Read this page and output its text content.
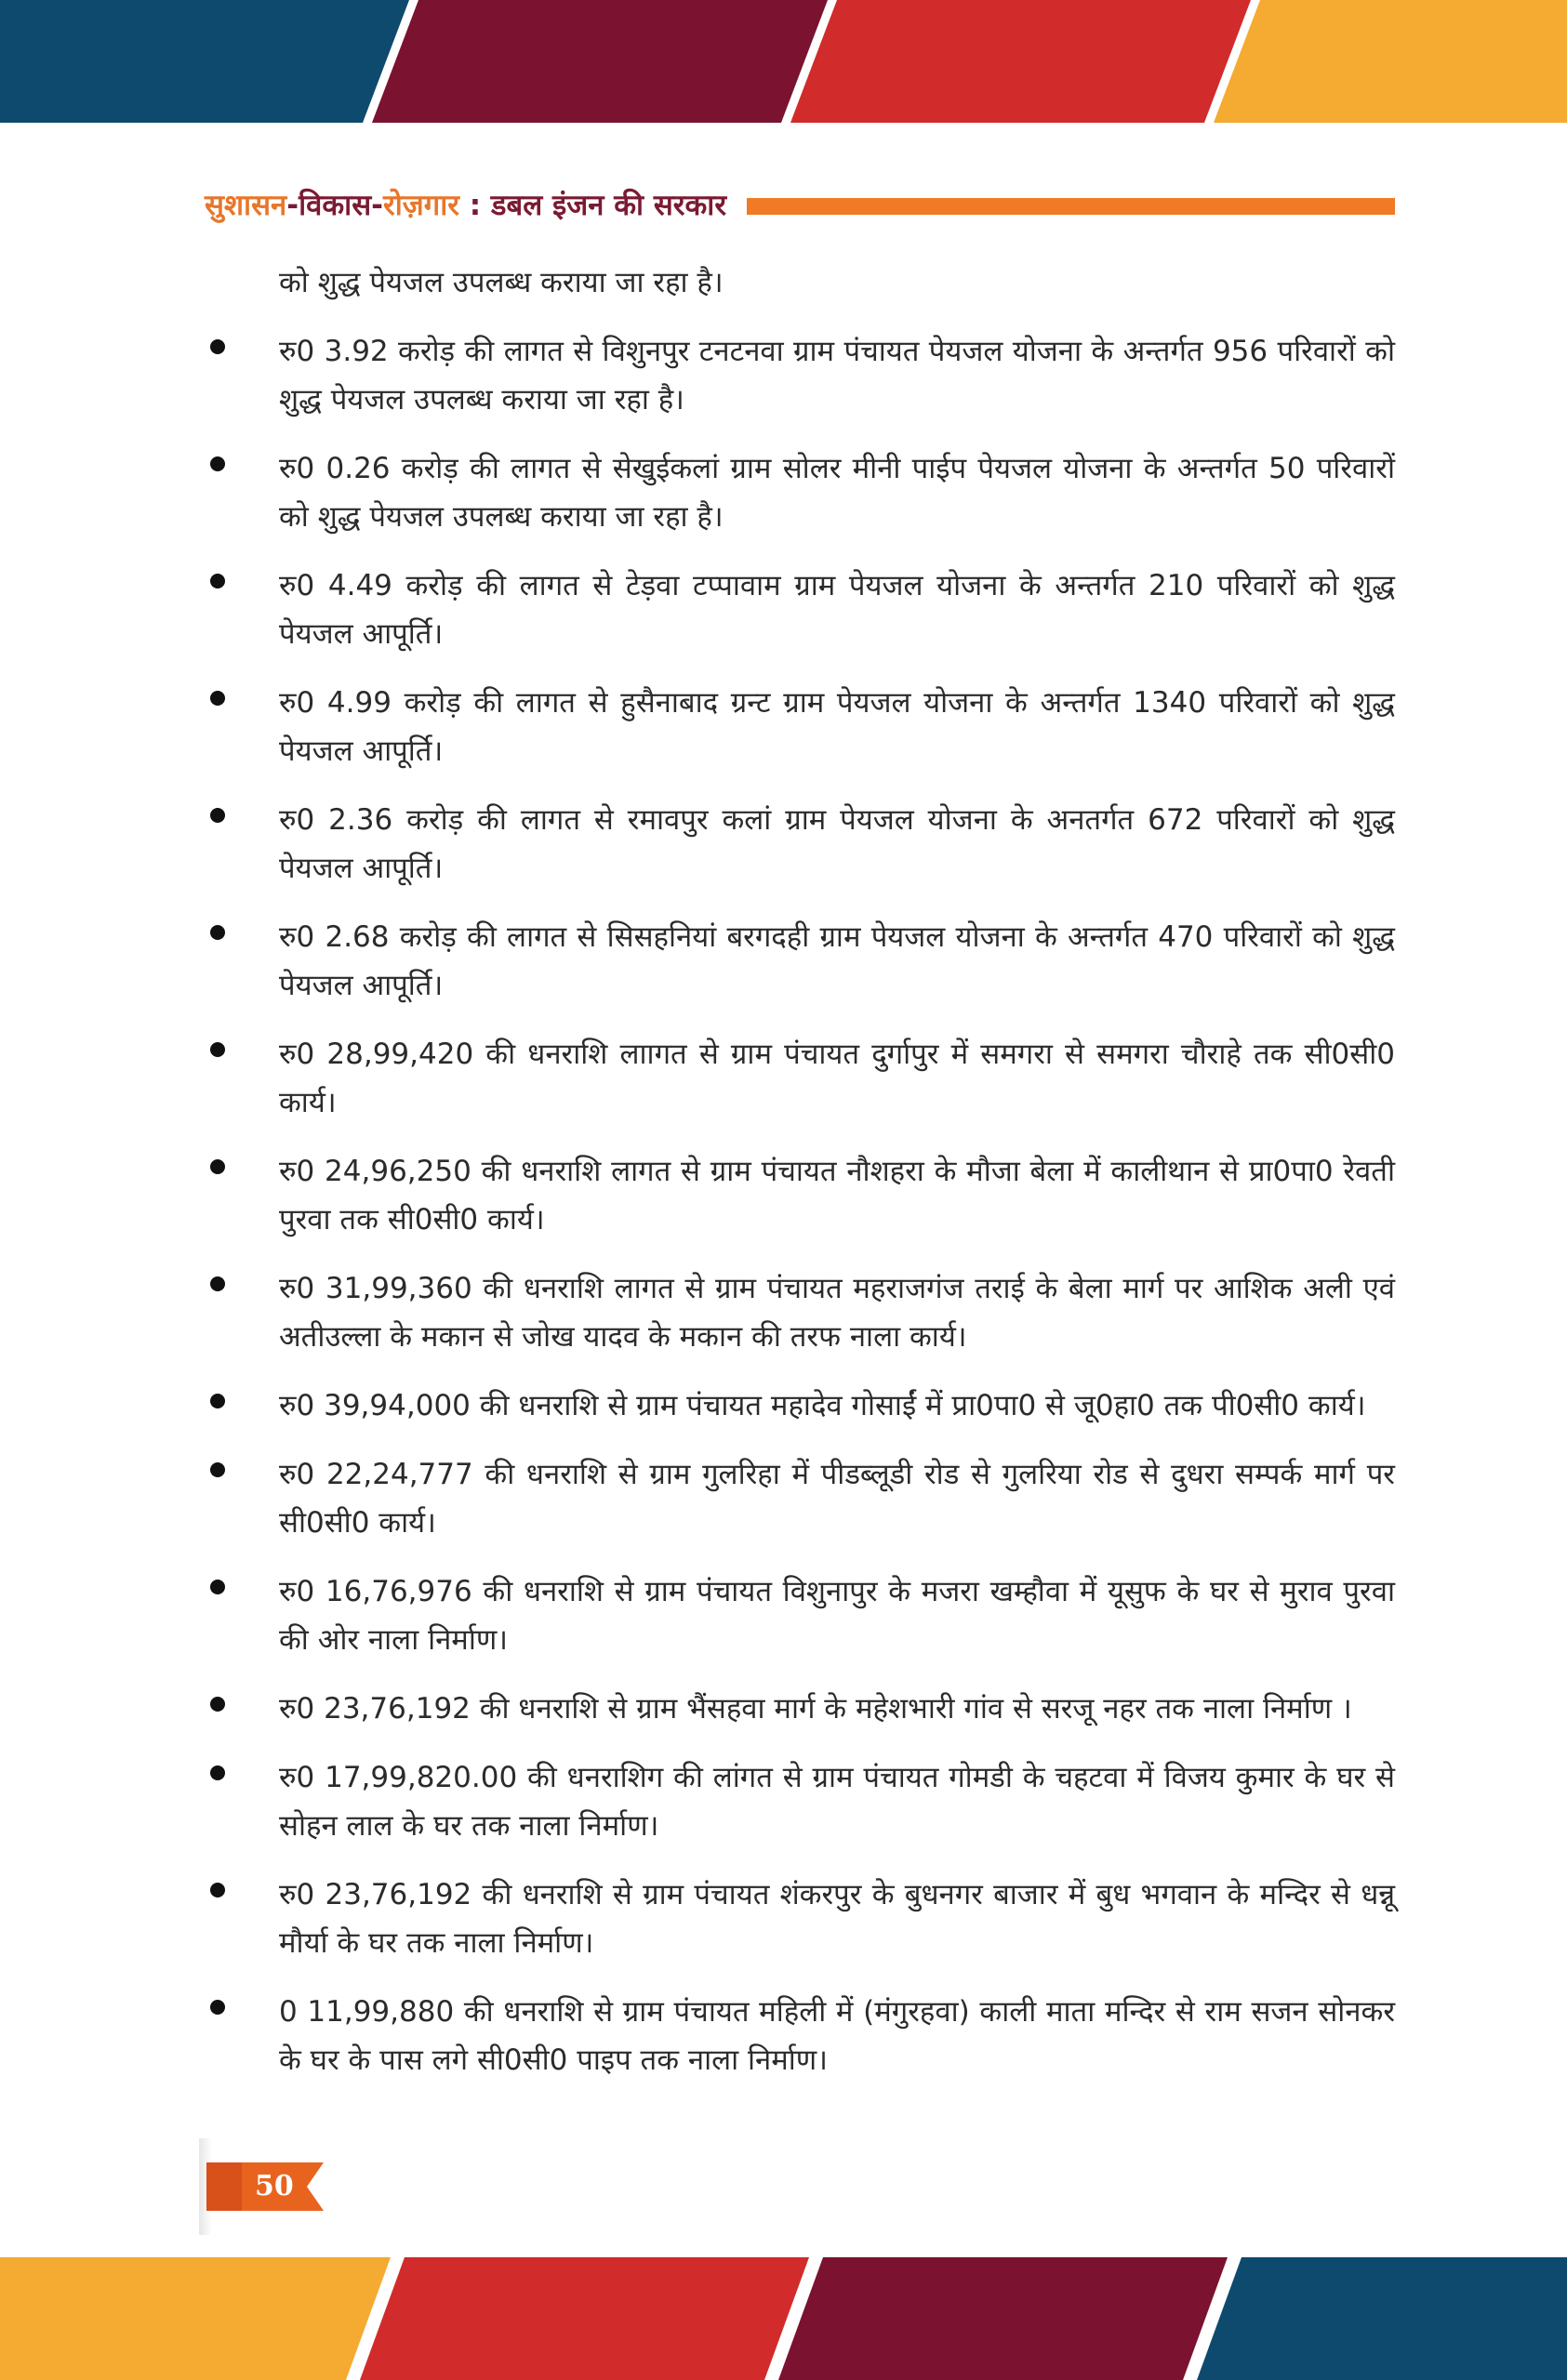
सुशासन-विकास-रोज़गार : डबल इंजन की सरकार

को शुद्ध पेयजल उपलब्ध कराया जा रहा है।

रु0 3.92 करोड़ की लागत से विशुनपुर टनटनवा ग्राम पंचायत पेयजल योजना के अन्तर्गत 956 परिवारों को शुद्ध पेयजल उपलब्ध कराया जा रहा है।
रु0 0.26 करोड़ की लागत से सेखुईकलां ग्राम सोलर मीनी पाईप पेयजल योजना के अन्तर्गत 50 परिवारों को शुद्ध पेयजल उपलब्ध कराया जा रहा है।
रु0 4.49 करोड़ की लागत से टेड़वा टप्पावाम ग्राम पेयजल योजना के अन्तर्गत 210 परिवारों को शुद्ध पेयजल आपूर्ति।
रु0 4.99 करोड़ की लागत से हुसैनाबाद ग्रन्ट ग्राम पेयजल योजना के अन्तर्गत 1340 परिवारों को शुद्ध पेयजल आपूर्ति।
रु0 2.36 करोड़ की लागत से रमावपुर कलां ग्राम पेयजल योजना के अनतर्गत 672 परिवारों को शुद्ध पेयजल आपूर्ति।
रु0 2.68 करोड़ की लागत से सिसहनियां बरगदही ग्राम पेयजल योजना के अन्तर्गत 470 परिवारों को शुद्ध पेयजल आपूर्ति।
रु0 28,99,420 की धनराशि लाागत से ग्राम पंचायत दुर्गापुर में समगरा से समगरा चौराहे तक सी0सी0 कार्य।
रु0 24,96,250 की धनराशि लागत से ग्राम पंचायत नौशहरा के मौजा बेला में कालीथान से प्रा0पा0 रेवती पुरवा तक सी0सी0 कार्य।
रु0 31,99,360 की धनराशि लागत से ग्राम पंचायत महराजगंज तराई के बेला मार्ग पर आशिक अली एवं अतीउल्ला के मकान से जोख यादव के मकान की तरफ नाला कार्य।
रु0 39,94,000 की धनराशि से ग्राम पंचायत महादेव गोसाईं में प्रा0पा0 से जू0हा0 तक पी0सी0 कार्य।
रु0 22,24,777 की धनराशि से ग्राम गुलरिहा में पीडब्लूडी रोड से गुलरिया रोड से दुधरा सम्पर्क मार्ग पर सी0सी0 कार्य।
रु0 16,76,976 की धनराशि से ग्राम पंचायत विशुनापुर के मजरा खम्हौवा में यूसुफ के घर से मुराव पुरवा की ओर नाला निर्माण।
रु0 23,76,192 की धनराशि से ग्राम भैंसहवा मार्ग के महेशभारी गांव से सरजू नहर तक नाला निर्माण ।
रु0 17,99,820.00 की धनराशिग की लांगत से ग्राम पंचायत गोमडी के चहटवा में विजय कुमार के घर से सोहन लाल के घर तक नाला निर्माण।
रु0 23,76,192 की धनराशि से ग्राम पंचायत शंकरपुर के बुधनगर बाजार में बुध भगवान के मन्दिर से धन्नू मौर्या के घर तक नाला निर्माण।
0 11,99,880 की धनराशि से ग्राम पंचायत महिली में (मंगुरहवा) काली माता मन्दिर से राम सजन सोनकर के घर के पास लगे सी0सी0 पाइप तक नाला निर्माण।
50
